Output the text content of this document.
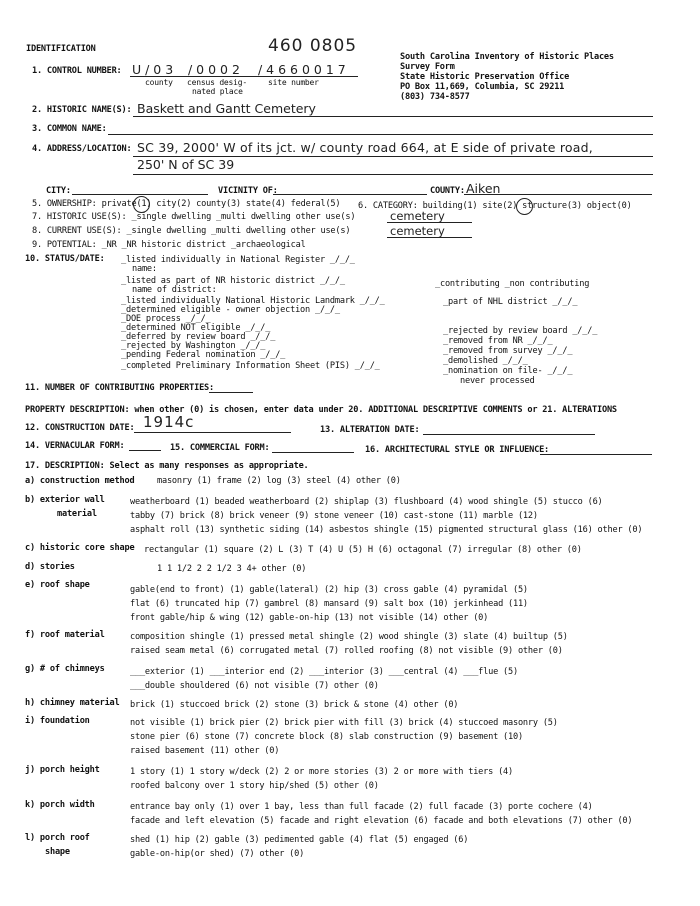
IDENTIFICATION	460 0805
South Carolina Inventory of Historic Places
Survey Form
State Historic Preservation Office
PO Box 11,669, Columbia, SC 29211
(803) 734-8577
1. CONTROL NUMBER: U / 0 3 / 0 0 0 2 / 4 6 6 0 0 1 7
county census desig-
nated place
site number
2. HISTORIC NAME(S): Baskett and Gantt Cemetery
3. COMMON NAME:
4. ADDRESS/LOCATION: SC 39, 2000' W of its jct. w/ county road 664, at E side of private road,
250' N of SC 39
CITY:	VICINITY OF:	COUNTY: Aiken
5. OWNERSHIP: private(1) city(2) county(3) state(4) federal(5) 6. CATEGORY: building(1) site(2) structure(3) object(0)
7. HISTORIC USE(S): _single dwelling _multi dwelling other use(s)	cemetery
8. CURRENT USE(S): _single dwelling _multi dwelling other use(s)	cemetery
9. POTENTIAL: _NR _NR historic district _archaeological
10. STATUS/DATE: _listed individually in National Register _/_/_
name:
_listed as part of NR historic district _/_/_
name of district:
_listed individually National Historic Landmark _/_/_
_determined eligible - owner objection _/_/_
_DOE process _/_/_
_determined NOT eligible _/_/_
_deferred by review board _/_/_
_rejected by Washington _/_/_
_pending Federal nomination _/_/_
_completed Preliminary Information Sheet (PIS) _/_/_
_contributing _non contributing
_part of NHL district _/_/_
_rejected by review board _/_/_
_removed from NR _/_/_
_removed from survey _/_/_
_demolished _/_/_
_nomination on file- _/_/_
never processed
11. NUMBER OF CONTRIBUTING PROPERTIES:
PROPERTY DESCRIPTION: when other (0) is chosen, enter data under 20. ADDITIONAL DESCRIPTIVE COMMENTS or 21. ALTERATIONS
12. CONSTRUCTION DATE: 1914c	13. ALTERATION DATE:
14. VERNACULAR FORM:	15. COMMERCIAL FORM:	16. ARCHITECTURAL STYLE OR INFLUENCE:
17. DESCRIPTION: Select as many responses as appropriate.
a) construction method	masonry (1) frame (2) log (3) steel (4) other (0)
b) exterior wall
material
weatherboard (1) beaded weatherboard (2) shiplap (3) flushboard (4) wood shingle (5) stucco (6)
tabby (7) brick (8) brick veneer (9) stone veneer (10) cast-stone (11) marble (12)
asphalt roll (13) synthetic siding (14) asbestos shingle (15) pigmented structural glass (16) other (0)
c) historic core shape rectangular (1) square (2) L (3) T (4) U (5) H (6) octagonal (7) irregular (8) other (0)
d) stories	1 1 1/2 2 2 1/2 3 4+ other (0)
e) roof shape	gable(end to front) (1) gable(lateral) (2) hip (3) cross gable (4) pyramidal (5)
flat (6) truncated hip (7) gambrel (8) mansard (9) salt box (10) jerkinhead (11)
front gable/hip & wing (12) gable-on-hip (13) not visible (14) other (0)
f) roof material	composition shingle (1) pressed metal shingle (2) wood shingle (3) slate (4) builtup (5)
raised seam metal (6) corrugated metal (7) rolled roofing (8) not visible (9) other (0)
g) # of chimneys	___exterior (1) ___interior end (2) ___interior (3) ___central (4) ___flue (5)
___double shouldered (6) not visible (7) other (0)
h) chimney material brick (1) stuccoed brick (2) stone (3) brick & stone (4) other (0)
i) foundation	not visible (1) brick pier (2) brick pier with fill (3) brick (4) stuccoed masonry (5)
stone pier (6) stone (7) concrete block (8) slab construction (9) basement (10)
raised basement (11) other (0)
j) porch height	1 story (1) 1 story w/deck (2) 2 or more stories (3) 2 or more with tiers (4)
roofed balcony over 1 story hip/shed (5) other (0)
k) porch width	entrance bay only (1) over 1 bay, less than full facade (2) full facade (3) porte cochere (4)
facade and left elevation (5) facade and right elevation (6) facade and both elevations (7) other (0)
l) porch roof
shape
shed (1) hip (2) gable (3) pedimented gable (4) flat (5) engaged (6)
gable-on-hip(or shed) (7) other (0)
